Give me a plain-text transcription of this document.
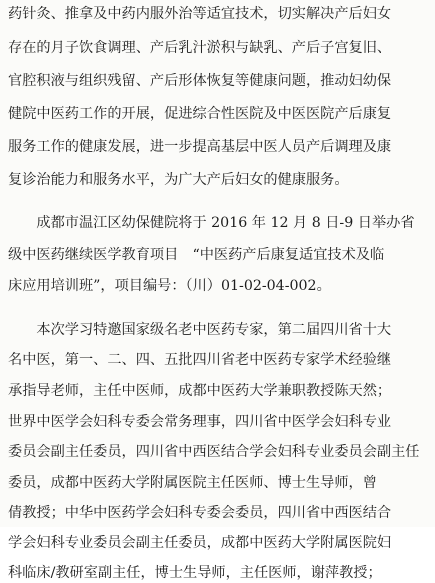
药针灸、推拿及中药内服外治等适宜技术，切实解决产后妇女
存在的月子饮食调理、产后乳汁淤积与缺乳、产后子宫复旧、
官腔积液与组织残留、产后形体恢复等健康问题，推动妇幼保
健院中医药工作的开展，促进综合性医院及中医医院产后康复
服务工作的健康发展，进一步提高基层中医人员产后调理及康
复诊治能力和服务水平，为广大产后妇女的健康服务。
　　成都市温江区幼保健院将于 2016 年 12 月 8 日-9 日举办省
级中医药继续医学教育项目　“中医药产后康复适宜技术及临
床应用培训班”，项目编号：（川）01-02-04-002。
　　本次学习特邀国家级名老中医药专家，第二届四川省十大
名中医，第一、二、四、五批四川省老中医药专家学术经验继
承指导老师，主任中医师，成都中医药大学兼职教授陈天然；
世界中医学会妇科专委会常务理事，四川省中医学会妇科专业
委员会副主任委员，四川省中西医结合学会妇科专业委员会副主任
委员，成都中医药大学附属医院主任医师、博士生导师，曾
倩教授；中华中医药学会妇科专委会委员，四川省中西医结合
学会妇科专业委员会副主任委员，成都中医药大学附属医院妇
科临床/教研室副主任，博士生导师，主任医师，谢萍教授；
